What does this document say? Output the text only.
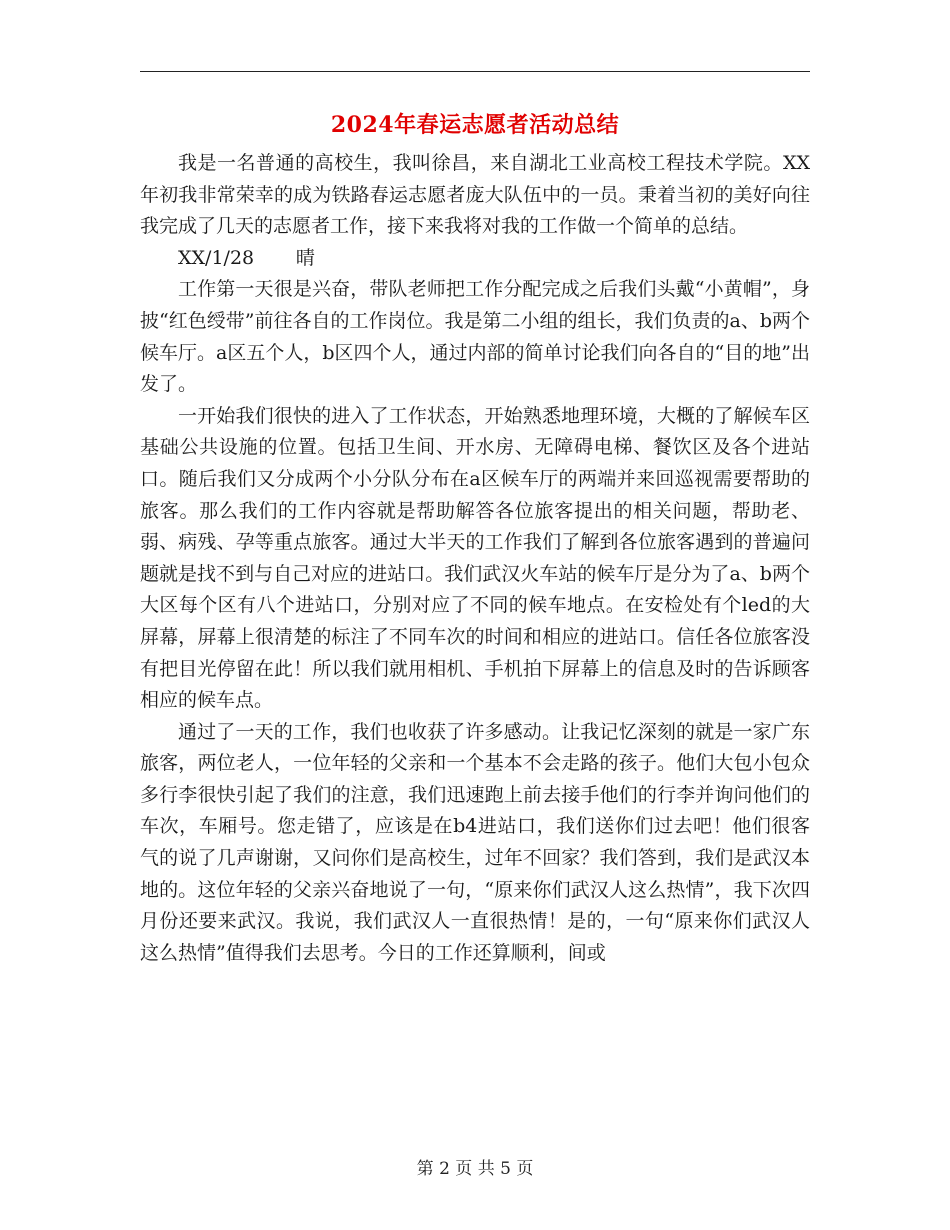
2024年春运志愿者活动总结

我是一名普通的高校生，我叫徐昌，来自湖北工业高校工程技术学院。XX年初我非常荣幸的成为铁路春运志愿者庞大队伍中的一员。秉着当初的美好向往我完成了几天的志愿者工作，接下来我将对我的工作做一个简单的总结。

XX/1/28 晴

工作第一天很是兴奋，带队老师把工作分配完成之后我们头戴“小黄帽”，身披“红色绶带”前往各自的工作岗位。我是第二小组的组长，我们负责的a、b两个候车厅。a区五个人，b区四个人，通过内部的简单讨论我们向各自的“目的地”出发了。

一开始我们很快的进入了工作状态，开始熟悉地理环境，大概的了解候车区基础公共设施的位置。包括卫生间、开水房、无障碍电梯、餐饮区及各个进站口。随后我们又分成两个小分队分布在a区候车厅的两端并来回巡视需要帮助的旅客。那么我们的工作内容就是帮助解答各位旅客提出的相关问题，帮助老、弱、病残、孕等重点旅客。通过大半天的工作我们了解到各位旅客遇到的普遍问题就是找不到与自己对应的进站口。我们武汉火车站的候车厅是分为了a、b两个大区每个区有八个进站口，分别对应了不同的候车地点。在安检处有个led的大屏幕，屏幕上很清楚的标注了不同车次的时间和相应的进站口。信任各位旅客没有把目光停留在此！所以我们就用相机、手机拍下屏幕上的信息及时的告诉顾客相应的候车点。

通过了一天的工作，我们也收获了许多感动。让我记忆深刻的就是一家广东旅客，两位老人，一位年轻的父亲和一个基本不会走路的孩子。他们大包小包众多行李很快引起了我们的注意，我们迅速跑上前去接手他们的行李并询问他们的车次，车厢号。您走错了，应该是在b4进站口，我们送你们过去吧！他们很客气的说了几声谢谢，又问你们是高校生，过年不回家？我们答到，我们是武汉本地的。这位年轻的父亲兴奋地说了一句，“原来你们武汉人这么热情”，我下次四月份还要来武汉。我说，我们武汉人一直很热情！是的，一句“原来你们武汉人这么热情”值得我们去思考。今日的工作还算顺利，间或

第 2 页 共 5 页
